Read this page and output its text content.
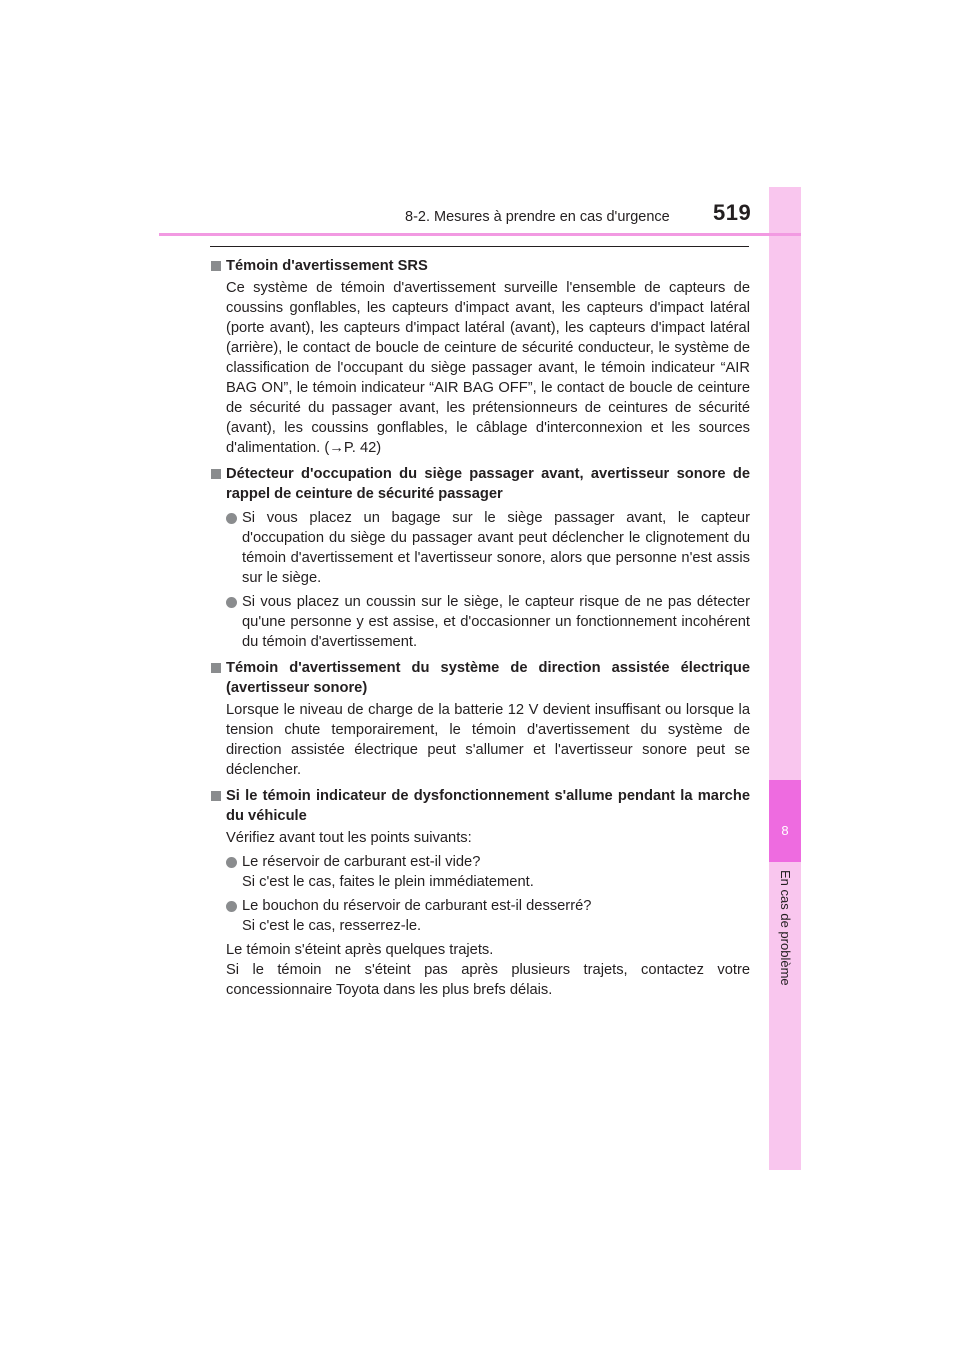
8
En cas de problème
8-2. Mesures à prendre en cas d'urgence 519
Témoin d'avertissement SRS
Ce système de témoin d'avertissement surveille l'ensemble de capteurs de coussins gonflables, les capteurs d'impact avant, les capteurs d'impact latéral (porte avant), les capteurs d'impact latéral (avant), les capteurs d'impact latéral (arrière), le contact de boucle de ceinture de sécurité conducteur, le système de classification de l'occupant du siège passager avant, le témoin indicateur “AIR BAG ON”, le témoin indicateur “AIR BAG OFF”, le contact de boucle de ceinture de sécurité du passager avant, les prétensionneurs de ceintures de sécurité (avant), les coussins gonflables, le câblage d'interconnexion et les sources d'alimentation. (→P. 42)
Détecteur d'occupation du siège passager avant, avertisseur sonore de rappel de ceinture de sécurité passager
Si vous placez un bagage sur le siège passager avant, le capteur d'occupation du siège du passager avant peut déclencher le clignotement du témoin d'avertissement et l'avertisseur sonore, alors que personne n'est assis sur le siège.
Si vous placez un coussin sur le siège, le capteur risque de ne pas détecter qu'une personne y est assise, et d'occasionner un fonctionnement incohérent du témoin d'avertissement.
Témoin d'avertissement du système de direction assistée électrique (avertisseur sonore)
Lorsque le niveau de charge de la batterie 12 V devient insuffisant ou lorsque la tension chute temporairement, le témoin d'avertissement du système de direction assistée électrique peut s'allumer et l'avertisseur sonore peut se déclencher.
Si le témoin indicateur de dysfonctionnement s'allume pendant la marche du véhicule
Vérifiez avant tout les points suivants:
Le réservoir de carburant est-il vide?
Si c'est le cas, faites le plein immédiatement.
Le bouchon du réservoir de carburant est-il desserré?
Si c'est le cas, resserrez-le.
Le témoin s'éteint après quelques trajets.
Si le témoin ne s'éteint pas après plusieurs trajets, contactez votre concessionnaire Toyota dans les plus brefs délais.
